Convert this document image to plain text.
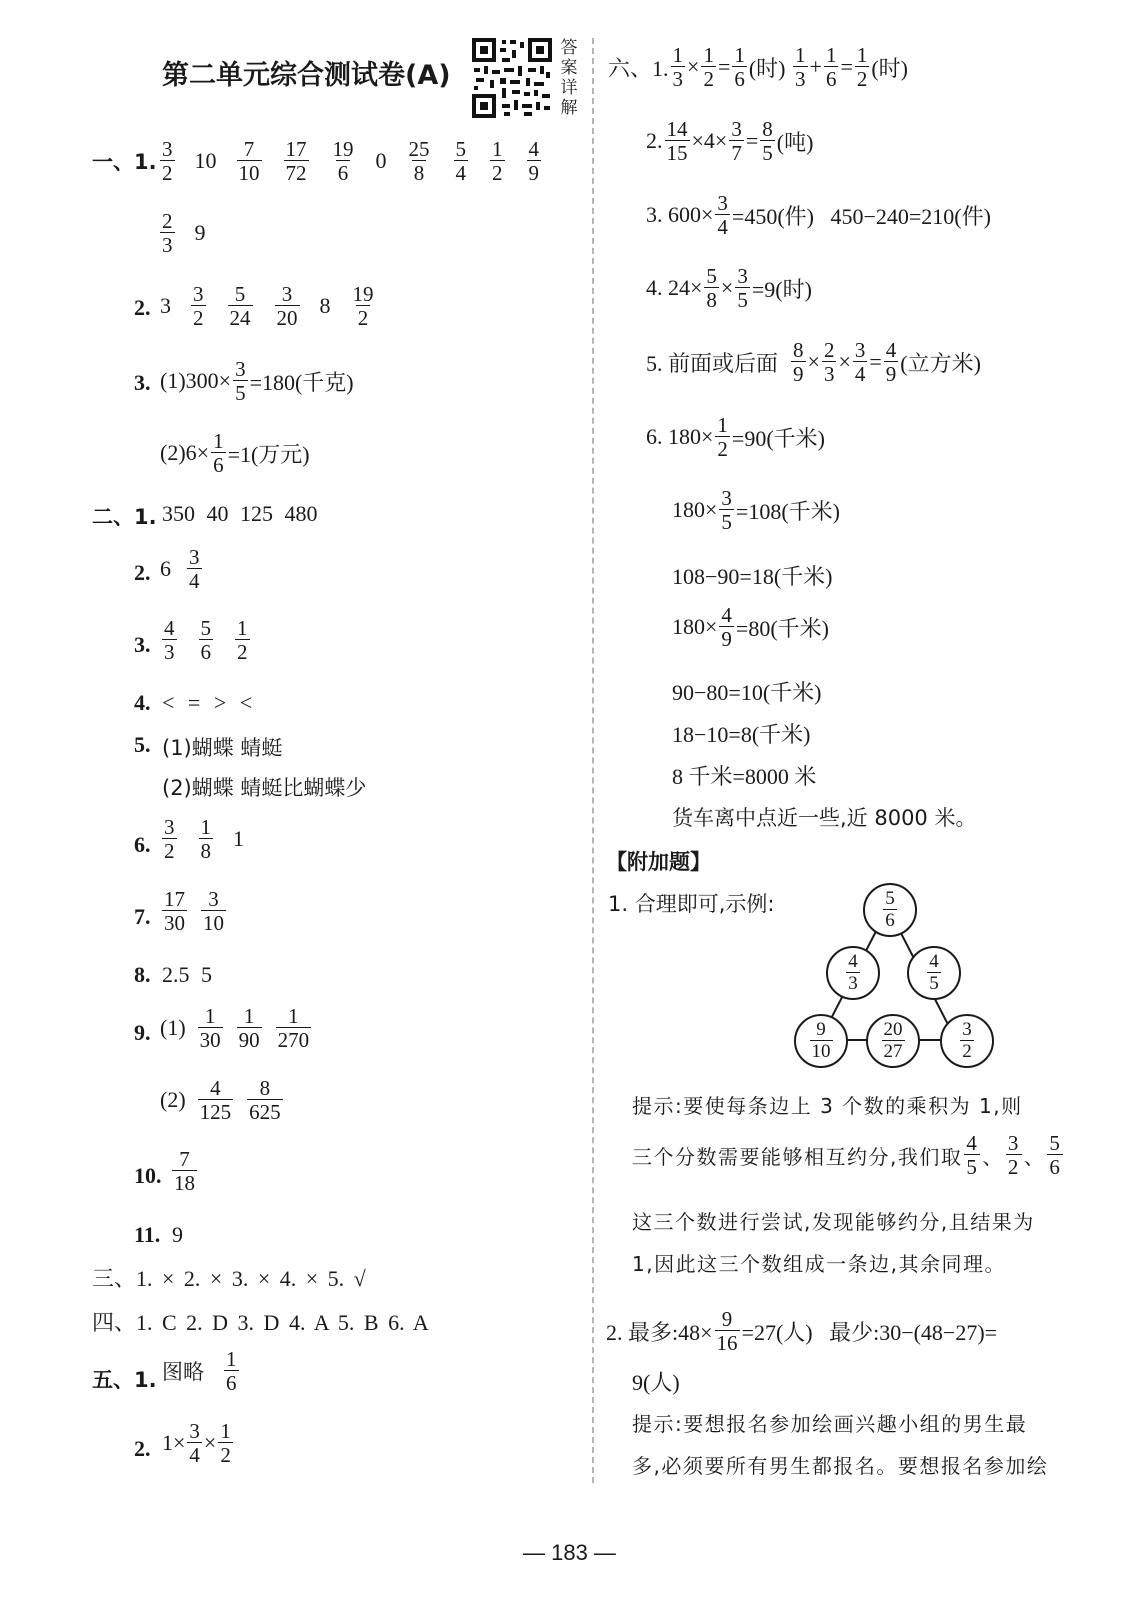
第二单元综合测试卷(A)
答案详解
一、1. $\frac{3}{2} 10 \frac{7}{10} \frac{17}{72} \frac{19}{6} 0 \frac{25}{8} \frac{5}{4} \frac{1}{2} \frac{4}{9}$
$\frac{2}{3} 9$
2. $3 \frac{3}{2} \frac{5}{24} \frac{3}{20} 8 \frac{19}{2}$
3. $(1)300\times \frac{3}{5} =180$(千克)
$(2)6\times \frac{1}{6} =1$(万元)
二、1. 350 40 125 480
2. $6 \frac{3}{4}$
3. $\frac{4}{3} \frac{5}{6} \frac{1}{2}$
4. < = > <
5. (1)蝴蝶 蜻蜓
(2)蝴蝶 蜻蜓比蝴蝶少
6. $\frac{3}{2} \frac{1}{8} 1$
7. $\frac{17}{30} \frac{3}{10}$
8. 2.5 5
9. $(1) \frac{1}{30} \frac{1}{90} \frac{1}{270}$
$(2) \frac{4}{125} \frac{8}{625}$
10. $\frac{7}{18}$
11. 9
三、1. × 2. × 3. × 4. × 5. √
四、1. C 2. D 3. D 4. A 5. B 6. A
五、1. 图略 $\frac{1}{6}$
2. $1\times \frac{3}{4} \times \frac{1}{2}$
六、1. $\frac{1}{3} \times \frac{1}{2} = \frac{1}{6}$ (时)
$\frac{1}{3} + \frac{1}{6} = \frac{1}{2}$ (时)
2. $\frac{14}{15} \times 4\times \frac{3}{7} = \frac{8}{5}$ (吨)
3. $600\times \frac{3}{4} =450$(件)   450−240=210(件)
4. $24\times \frac{5}{8} \times \frac{3}{5} =9$(时)
5. 前面或后面 $\frac{8}{9} \times \frac{2}{3} \times \frac{3}{4} = \frac{4}{9}$ (立方米)
6. $180\times \frac{1}{2} =90$(千米)
$180\times \frac{3}{5} =108$(千米)
108−90=18(千米)
$180\times \frac{4}{9} =80$(千米)
90−80=10(千米)
18−10=8(千米)
8 千米=8000 米
货车离中点近一些,近 8000 米。
【附加题】
1. 合理即可,示例:	$\frac{5}{6}$
$\frac{4}{3}$	$\frac{4}{5}$
$\frac{9}{10}$	$\frac{20}{27}$	$\frac{3}{2}$
提示:要使每条边上 3 个数的乘积为 1,则
三个分数需要能够相互约分,我们取 $\frac{4}{5}$ 、 $\frac{3}{2}$ 、 $\frac{5}{6}$
这三个数进行尝试,发现能够约分,且结果为
1,因此这三个数组成一条边,其余同理。
2. 最多:48× $\frac{9}{16} =27$(人)   最少:30−(48−27)=
9(人)
提示:要想报名参加绘画兴趣小组的男生最
多,必须要所有男生都报名。要想报名参加绘
— 183 —
